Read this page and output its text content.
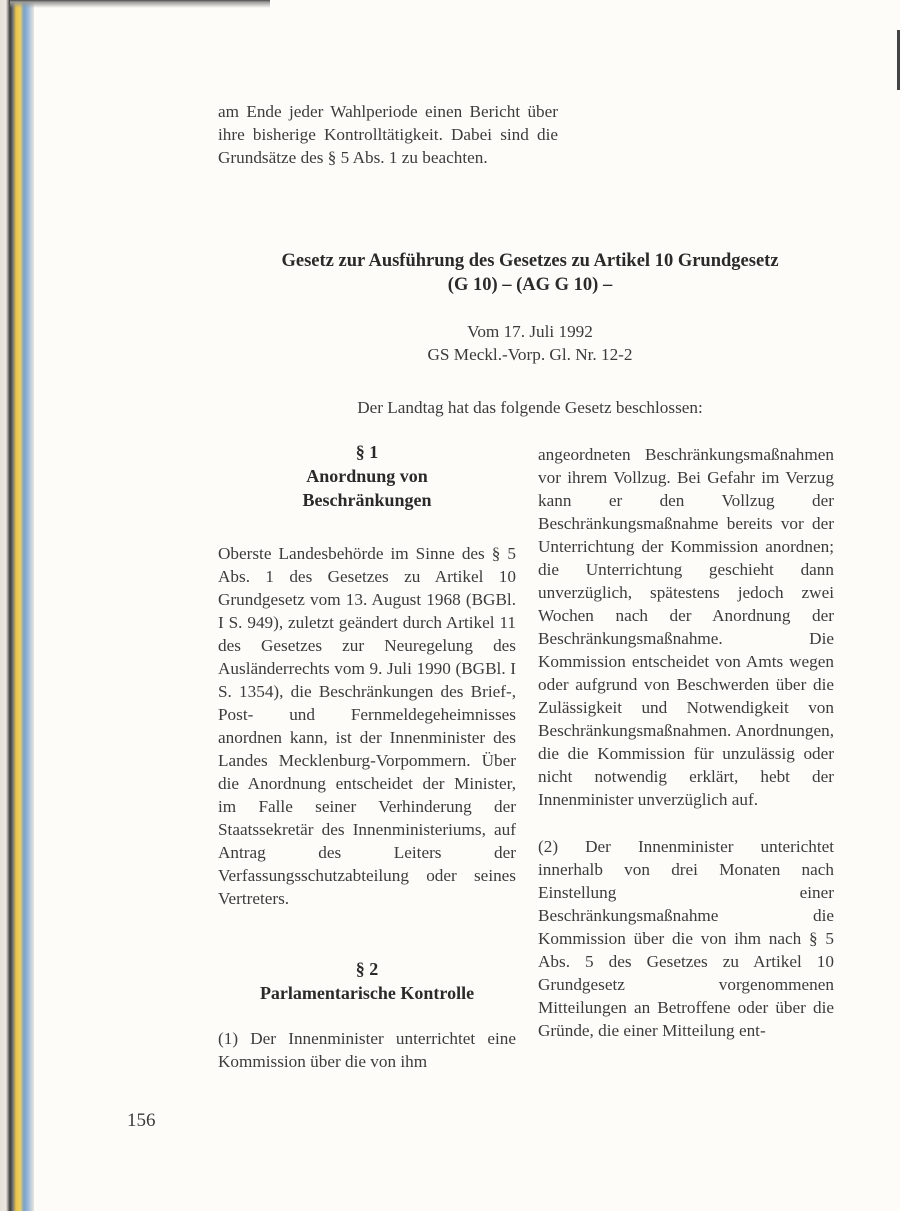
am Ende jeder Wahlperiode einen Bericht über ihre bisherige Kontrolltätigkeit. Dabei sind die Grundsätze des § 5 Abs. 1 zu beachten.

Gesetz zur Ausführung des Gesetzes zu Artikel 10 Grundgesetz
(G 10) – (AG G 10) –
Vom 17. Juli 1992
GS Meckl.-Vorp. Gl. Nr. 12-2

Der Landtag hat das folgende Gesetz beschlossen:

§ 1
Anordnung von
Beschränkungen

Oberste Landesbehörde im Sinne des § 5 Abs. 1 des Gesetzes zu Artikel 10 Grundgesetz vom 13. August 1968 (BGBl. I S. 949), zuletzt geändert durch Artikel 11 des Gesetzes zur Neuregelung des Ausländerrechts vom 9. Juli 1990 (BGBl. I S. 1354), die Beschränkungen des Brief-, Post- und Fernmeldegeheimnisses anordnen kann, ist der Innenminister des Landes Mecklenburg-Vorpommern. Über die Anordnung entscheidet der Minister, im Falle seiner Verhinderung der Staatssekretär des Innenministeriums, auf Antrag des Leiters der Verfassungsschutzabteilung oder seines Vertreters.

§ 2
Parlamentarische Kontrolle

(1) Der Innenminister unterrichtet eine Kommission über die von ihm

angeordneten Beschränkungsmaßnahmen vor ihrem Vollzug. Bei Gefahr im Verzug kann er den Vollzug der Beschränkungsmaßnahme bereits vor der Unterrichtung der Kommission anordnen; die Unterrichtung geschieht dann unverzüglich, spätestens jedoch zwei Wochen nach der Anordnung der Beschränkungsmaßnahme. Die Kommission entscheidet von Amts wegen oder aufgrund von Beschwerden über die Zulässigkeit und Notwendigkeit von Beschränkungsmaßnahmen. Anordnungen, die die Kommission für unzulässig oder nicht notwendig erklärt, hebt der Innenminister unverzüglich auf.

(2) Der Innenminister unterichtet innerhalb von drei Monaten nach Einstellung einer Beschränkungsmaßnahme die Kommission über die von ihm nach § 5 Abs. 5 des Gesetzes zu Artikel 10 Grundgesetz vorgenommenen Mitteilungen an Betroffene oder über die Gründe, die einer Mitteilung ent-

156
